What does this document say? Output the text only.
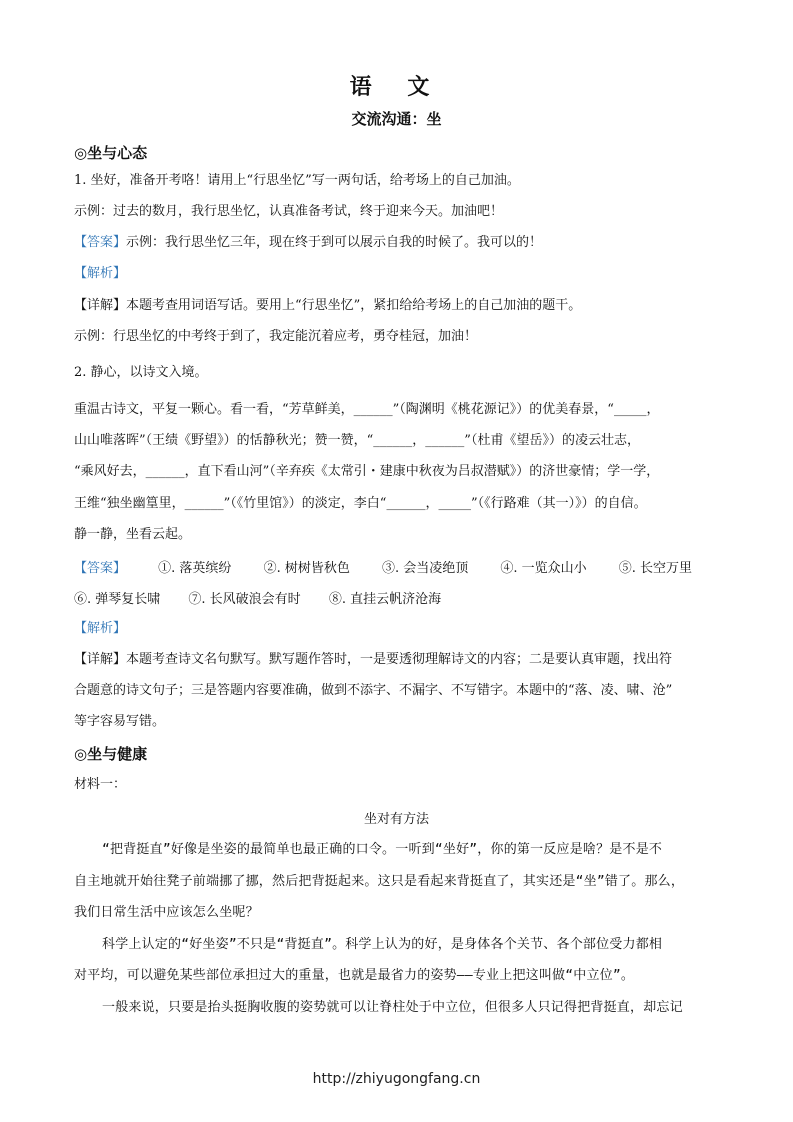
语 文
交流沟通：坐
◎坐与心态
1. 坐好，准备开考咯！请用上“行思坐忆”写一两句话，给考场上的自己加油。
示例：过去的数月，我行思坐忆，认真准备考试，终于迎来今天。加油吧！
【答案】示例：我行思坐忆三年，现在终于到可以展示自我的时候了。我可以的！
【解析】
【详解】本题考查用词语写话。要用上“行思坐忆”，紧扣给给考场上的自己加油的题干。
示例：行思坐忆的中考终于到了，我定能沉着应考，勇夺桂冠，加油！
2. 静心，以诗文入境。
重温古诗文，平复一颗心。看一看，“芳草鲜美，______”（陶渊明《桃花源记》）的优美春景，“_____，
山山唯落晖”（王绩《野望》）的恬静秋光；赞一赞，“______，______”（杜甫《望岳》）的凌云壮志，
“乘风好去，______，直下看山河”（辛弃疾《太常引・建康中秋夜为吕叔潜赋》）的济世豪情；学一学，
王维“独坐幽篁里，______”（《竹里馆》）的淡定，李白“______，_____”（《行路难（其一）》）的自信。
静一静，坐看云起。
【答案】 ①. 落英缤纷 ②. 树树皆秋色 ③. 会当凌绝顶 ④. 一览众山小 ⑤. 长空万里
⑥. 弹琴复长啸 ⑦. 长风破浪会有时 ⑧. 直挂云帆济沧海
【解析】
【详解】本题考查诗文名句默写。默写题作答时，一是要透彻理解诗文的内容；二是要认真审题，找出符
合题意的诗文句子；三是答题内容要准确，做到不添字、不漏字、不写错字。本题中的“落、凌、啸、沧”
等字容易写错。
◎坐与健康
材料一：
坐对有方法
“把背挺直”好像是坐姿的最简单也最正确的口令。一听到“坐好”，你的第一反应是啥？是不是不
自主地就开始往凳子前端挪了挪，然后把背挺起来。这只是看起来背挺直了，其实还是“坐”错了。那么，
我们日常生活中应该怎么坐呢？
科学上认定的“好坐姿”不只是“背挺直”。科学上认为的好，是身体各个关节、各个部位受力都相
对平均，可以避免某些部位承担过大的重量，也就是最省力的姿势——专业上把这叫做“中立位”。
一般来说，只要是抬头挺胸收腹的姿势就可以让脊柱处于中立位，但很多人只记得把背挺直，却忘记
http://zhiyugongfang.cn
